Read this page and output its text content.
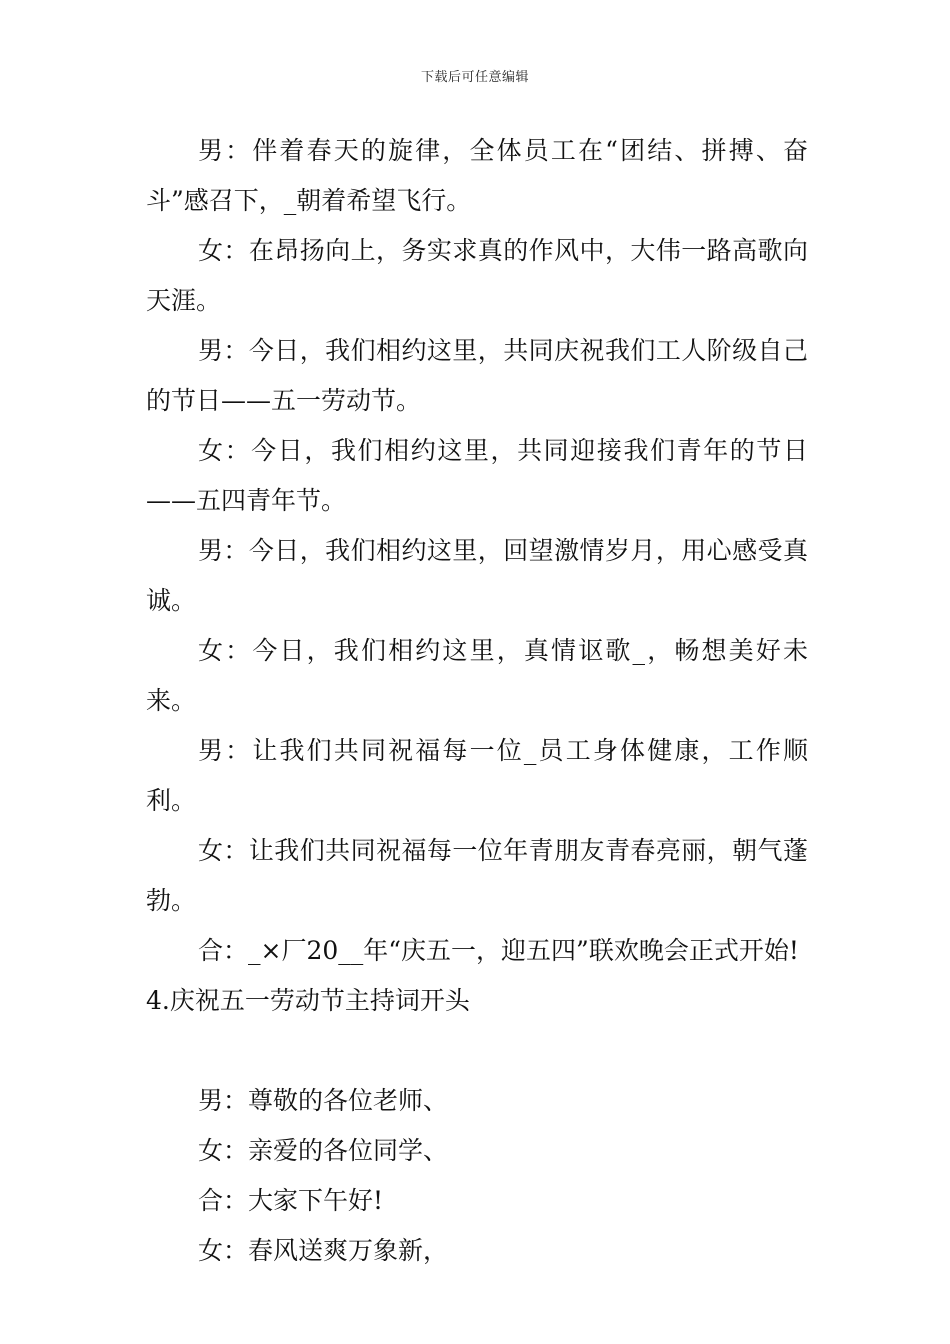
下载后可任意编辑

男：伴着春天的旋律，全体员工在“团结、拼搏、奋斗”感召下，_朝着希望飞行。

女：在昂扬向上，务实求真的作风中，大伟一路高歌向天涯。

男：今日，我们相约这里，共同庆祝我们工人阶级自己的节日——五一劳动节。

女：今日，我们相约这里，共同迎接我们青年的节日——五四青年节。

男：今日，我们相约这里，回望激情岁月，用心感受真诚。

女：今日，我们相约这里，真情讴歌_，畅想美好未来。

男：让我们共同祝福每一位_员工身体健康，工作顺利。

女：让我们共同祝福每一位年青朋友青春亮丽，朝气蓬勃。

合：_×厂20__年“庆五一，迎五四”联欢晚会正式开始!

4.庆祝五一劳动节主持词开头

男：尊敬的各位老师、

女：亲爱的各位同学、

合：大家下午好!

女：春风送爽万象新，
